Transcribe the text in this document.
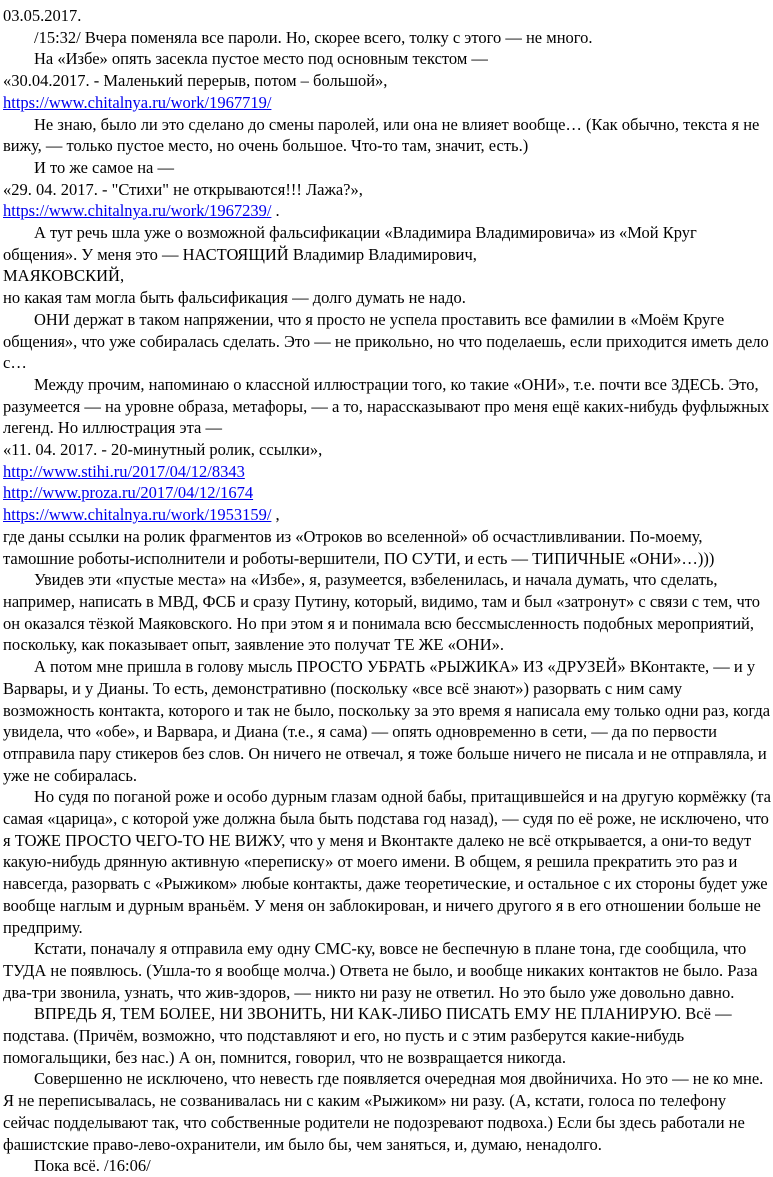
03.05.2017.

/15:32/ Вчера поменяла все пароли. Но, скорее всего, толку с этого — не много.

На «Избе» опять засекла пустое место под основным текстом —

«30.04.2017. - Маленький перерыв, потом – большой»,

https://www.chitalnya.ru/work/1967719/

Не знаю, было ли это сделано до смены паролей, или она не влияет вообще… (Как обычно, текста я не вижу, — только пустое место, но очень большое. Что-то там, значит, есть.)

И то же самое на —

«29. 04. 2017. - "Стихи" не открываются!!! Лажа?»,

https://www.chitalnya.ru/work/1967239/ .

А тут речь шла уже о возможной фальсификации «Владимира Владимировича» из «Мой Круг общения». У меня это — НАСТОЯЩИЙ Владимир Владимирович,

МАЯКОВСКИЙ,

но какая там могла быть фальсификация — долго думать не надо.

ОНИ держат в таком напряжении, что я просто не успела проставить все фамилии в «Моём Круге общения», что уже собиралась сделать. Это — не прикольно, но что поделаешь, если приходится иметь дело с…

Между прочим, напоминаю о классной иллюстрации того, ко такие «ОНИ», т.е. почти все ЗДЕСЬ. Это, разумеется — на уровне образа, метафоры, — а то, нарассказывают про меня ещё каких-нибудь фуфлыжных легенд. Но иллюстрация эта —

«11. 04. 2017. - 20-минутный ролик, ссылки»,

http://www.stihi.ru/2017/04/12/8343

http://www.proza.ru/2017/04/12/1674

https://www.chitalnya.ru/work/1953159/ ,

где даны ссылки на ролик фрагментов из «Отроков во вселенной» об осчастливливании. По-моему, тамошние роботы-исполнители и роботы-вершители, ПО СУТИ, и есть — ТИПИЧНЫЕ «ОНИ»…)))

Увидев эти «пустые места» на «Избе», я, разумеется, взбеленилась, и начала думать, что сделать, например, написать в МВД, ФСБ и сразу Путину, который, видимо, там и был «затронут» с связи с тем, что он оказался тёзкой Маяковского. Но при этом я и понимала всю бессмысленность подобных мероприятий, поскольку, как показывает опыт, заявление это получат ТЕ ЖЕ «ОНИ».

А потом мне пришла в голову мысль ПРОСТО УБРАТЬ «РЫЖИКА» ИЗ «ДРУЗЕЙ» ВКонтакте, — и у Варвары, и у Дианы. То есть, демонстративно (поскольку «все всё знают») разорвать с ним саму возможность контакта, которого и так не было, поскольку за это время я написала ему только одни раз, когда увидела, что «обе», и Варвара, и Диана (т.е., я сама) — опять одновременно в сети, — да по первости отправила пару стикеров без слов. Он ничего не отвечал, я тоже больше ничего не писала и не отправляла, и уже не собиралась.

Но судя по поганой роже и особо дурным глазам одной бабы, притащившейся и на другую кормёжку (та самая «царица», с которой уже должна была быть подстава год назад), — судя по её роже, не исключено, что я ТОЖЕ ПРОСТО ЧЕГО-ТО НЕ ВИЖУ, что у меня и Вконтакте далеко не всё открывается, а они-то ведут какую-нибудь дрянную активную «переписку» от моего имени. В общем, я решила прекратить это раз и навсегда, разорвать с «Рыжиком» любые контакты, даже теоретические, и остальное с их стороны будет уже вообще наглым и дурным враньём. У меня он заблокирован, и ничего другого я в его отношении больше не предприму.

Кстати, поначалу я отправила ему одну СМС-ку, вовсе не беспечную в плане тона, где сообщила, что ТУДА не появлюсь. (Ушла-то я вообще молча.) Ответа не было, и вообще никаких контактов не было. Раза два-три звонила, узнать, что жив-здоров, — никто ни разу не ответил. Но это было уже довольно давно.

ВПРЕДЬ Я, ТЕМ БОЛЕЕ, НИ ЗВОНИТЬ, НИ КАК-ЛИБО ПИСАТЬ ЕМУ НЕ ПЛАНИРУЮ. Всё — подстава. (Причём, возможно, что подставляют и его, но пусть и с этим разберутся какие-нибудь помогальщики, без нас.) А он, помнится, говорил, что не возвращается никогда.

Совершенно не исключено, что невесть где появляется очередная моя двойничиха. Но это — не ко мне. Я не переписывалась, не созванивалась ни с каким «Рыжиком» ни разу. (А, кстати, голоса по телефону сейчас подделывают так, что собственные родители не подозревают подвоха.) Если бы здесь работали не фашистские право-лево-охранители, им было бы, чем заняться, и, думаю, ненадолго.

Пока всё. /16:06/
